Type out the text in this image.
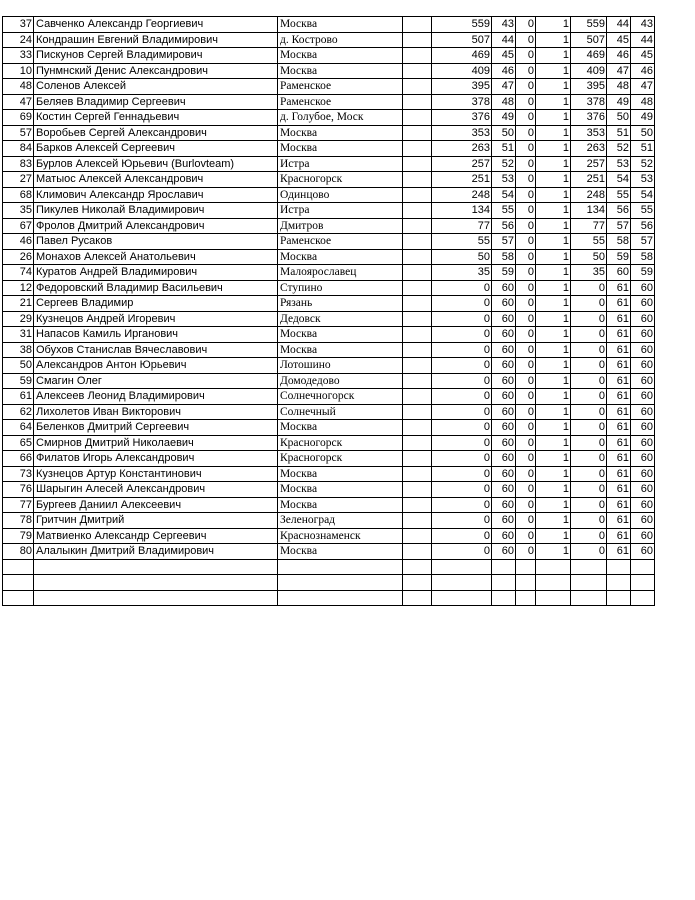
37	Савченко Александр Георгиевич	Москва		559	43	0	1	559	44	43
24	Кондрашин Евгений Владимирович	д. Кострово		507	44	0	1	507	45	44
33	Пискунов Сергей Владимирович	Москва		469	45	0	1	469	46	45
10	Пунмнский Денис Александрович	Москва		409	46	0	1	409	47	46
48	Соленов Алексей	Раменское		395	47	0	1	395	48	47
47	Беляев Владимир Сергеевич	Раменское		378	48	0	1	378	49	48
69	Костин Сергей Геннадьевич	д. Голубое, Моск		376	49	0	1	376	50	49
57	Воробьев Сергей Александрович	Москва		353	50	0	1	353	51	50
84	Барков Алексей Сергеевич	Москва		263	51	0	1	263	52	51
83	Бурлов Алексей Юрьевич (Burlovteam)	Истра		257	52	0	1	257	53	52
27	Матыос Алексей Александрович	Красногорск		251	53	0	1	251	54	53
68	Климович Александр Ярославич	Одинцово		248	54	0	1	248	55	54
35	Пикулев Николай Владимирович	Истра		134	55	0	1	134	56	55
67	Фролов Дмитрий Александрович	Дмитров		77	56	0	1	77	57	56
46	Павел Русаков	Раменское		55	57	0	1	55	58	57
26	Монахов Алексей Анатольевич	Москва		50	58	0	1	50	59	58
74	Куратов Андрей Владимирович	Малоярославец		35	59	0	1	35	60	59
12	Федоровский Владимир Васильевич	Ступино		0	60	0	1	0	61	60
21	Сергеев Владимир	Рязань		0	60	0	1	0	61	60
29	Кузнецов Андрей Игоревич	Дедовск		0	60	0	1	0	61	60
31	Напасов Камиль Ирганович	Москва		0	60	0	1	0	61	60
38	Обухов Станислав Вячеславович	Москва		0	60	0	1	0	61	60
50	Александров Антон Юрьевич	Лотошино		0	60	0	1	0	61	60
59	Смагин Олег	Домодедово		0	60	0	1	0	61	60
61	Алексеев Леонид Владимирович	Солнечногорск		0	60	0	1	0	61	60
62	Лихолетов Иван Викторович	Солнечный		0	60	0	1	0	61	60
64	Беленков Дмитрий Сергеевич	Москва		0	60	0	1	0	61	60
65	Смирнов Дмитрий Николаевич	Красногорск		0	60	0	1	0	61	60
66	Филатов Игорь Александрович	Красногорск		0	60	0	1	0	61	60
73	Кузнецов Артур Константинович	Москва		0	60	0	1	0	61	60
76	Шарыгин Алесей Александрович	Москва		0	60	0	1	0	61	60
77	Бургеев Даниил Алексеевич	Москва		0	60	0	1	0	61	60
78	Гритчин Дмитрий	Зеленоград		0	60	0	1	0	61	60
79	Матвиенко Александр Сергеевич	Краснознаменск		0	60	0	1	0	61	60
80	Алалыкин Дмитрий Владимирович	Москва		0	60	0	1	0	61	60
